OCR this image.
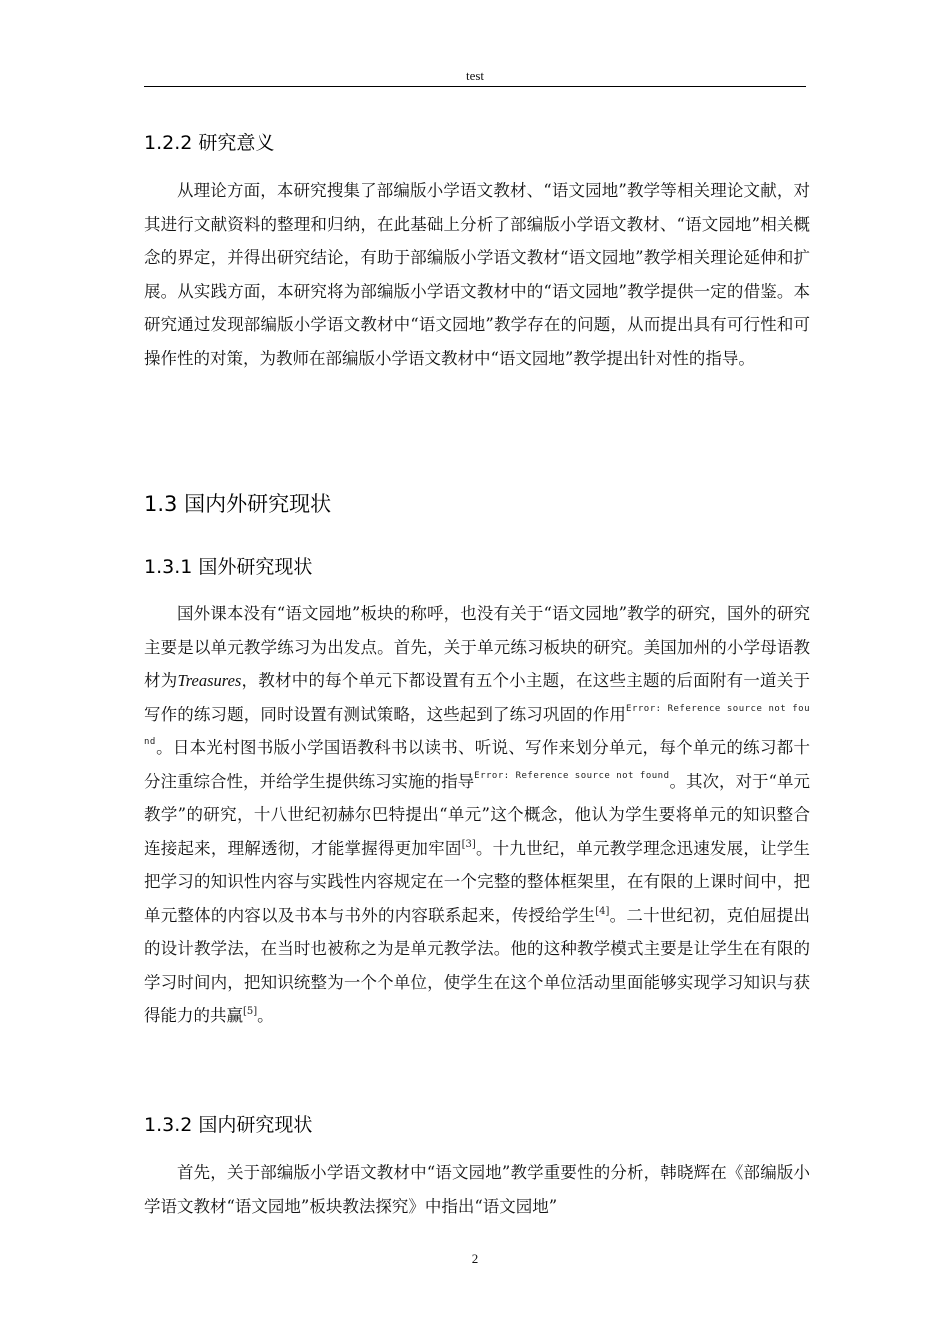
test
1.2.2 研究意义

从理论方面，本研究搜集了部编版小学语文教材、“语文园地”教学等相关理论文献，对其进行文献资料的整理和归纳，在此基础上分析了部编版小学语文教材、“语文园地”相关概念的界定，并得出研究结论，有助于部编版小学语文教材“语文园地”教学相关理论延伸和扩展。从实践方面，本研究将为部编版小学语文教材中的“语文园地”教学提供一定的借鉴。本研究通过发现部编版小学语文教材中“语文园地”教学存在的问题，从而提出具有可行性和可操作性的对策，为教师在部编版小学语文教材中“语文园地”教学提出针对性的指导。

1.3 国内外研究现状
1.3.1 国外研究现状

国外课本没有“语文园地”板块的称呼，也没有关于“语文园地”教学的研究，国外的研究主要是以单元教学练习为出发点。首先，关于单元练习板块的研究。美国加州的小学母语教材为Treasures，教材中的每个单元下都设置有五个小主题，在这些主题的后面附有一道关于写作的练习题，同时设置有测试策略，这些起到了练习巩固的作用$^{Error: Reference source not found}$。日本光村图书版小学国语教科书以读书、听说、写作来划分单元，每个单元的练习都十分注重综合性，并给学生提供练习实施的指导$^{Error: Reference source not found}$。其次，对于“单元教学”的研究，十八世纪初赫尔巴特提出“单元”这个概念，他认为学生要将单元的知识整合连接起来，理解透彻，才能掌握得更加牢固[3]。十九世纪，单元教学理念迅速发展，让学生把学习的知识性内容与实践性内容规定在一个完整的整体框架里，在有限的上课时间中，把单元整体的内容以及书本与书外的内容联系起来，传授给学生[4]。二十世纪初，克伯屈提出的设计教学法，在当时也被称之为是单元教学法。他的这种教学模式主要是让学生在有限的学习时间内，把知识统整为一个个单位，使学生在这个单位活动里面能够实现学习知识与获得能力的共赢[5]。

1.3.2 国内研究现状

首先，关于部编版小学语文教材中“语文园地”教学重要性的分析，韩晓辉在《部编版小学语文教材“语文园地”板块教法探究》中指出“语文园地”

2
